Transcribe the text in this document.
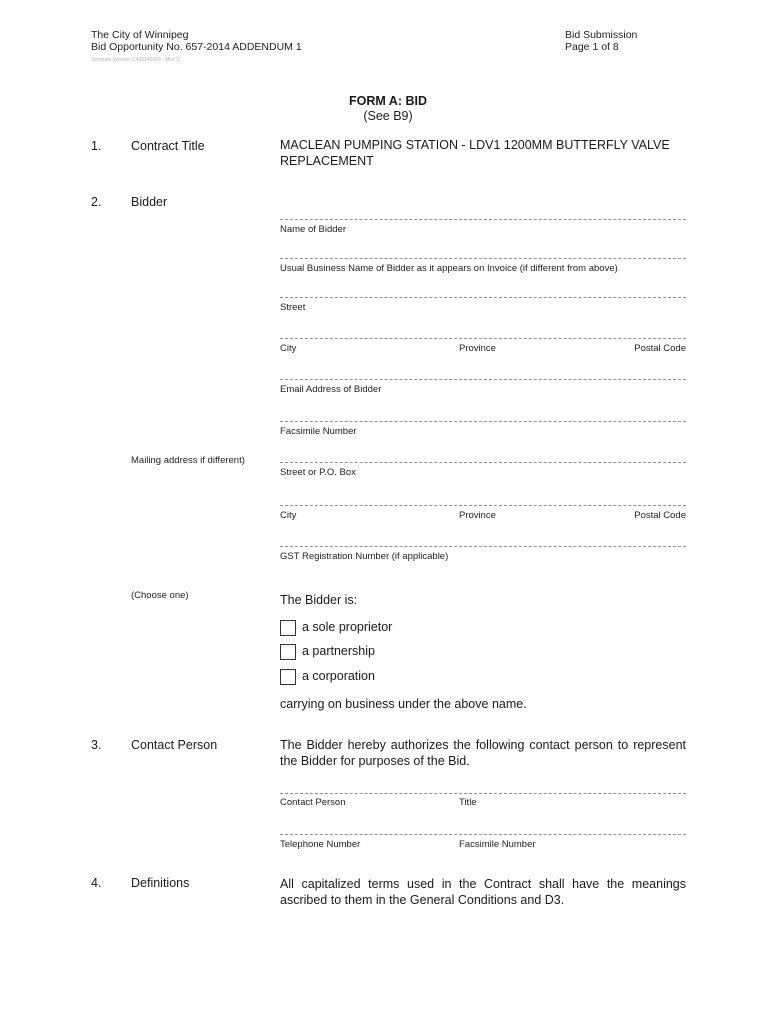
The City of Winnipeg
Bid Opportunity No. 657-2014 ADDENDUM 1
Template Version: C420140303 - Misc C
Bid Submission
Page 1 of 8
FORM A: BID
(See B9)
1. Contract Title	MACLEAN PUMPING STATION - LDV1 1200MM BUTTERFLY VALVE
REPLACEMENT
2. Bidder
Name of Bidder
Usual Business Name of Bidder as it appears on Invoice (if different from above)
Street
City	Province	Postal Code
Email Address of Bidder
Facsimile Number
Mailing address if different)
Street or P.O. Box
City	Province	Postal Code
GST Registration Number (if applicable)
(Choose one)	The Bidder is:
a sole proprietor
a partnership
a corporation
carrying on business under the above name.
3. Contact Person	The Bidder hereby authorizes the following contact person to represent the Bidder for purposes of the Bid.
Contact Person	Title
Telephone Number	Facsimile Number
4. Definitions	All capitalized terms used in the Contract shall have the meanings ascribed to them in the General Conditions and D3.
